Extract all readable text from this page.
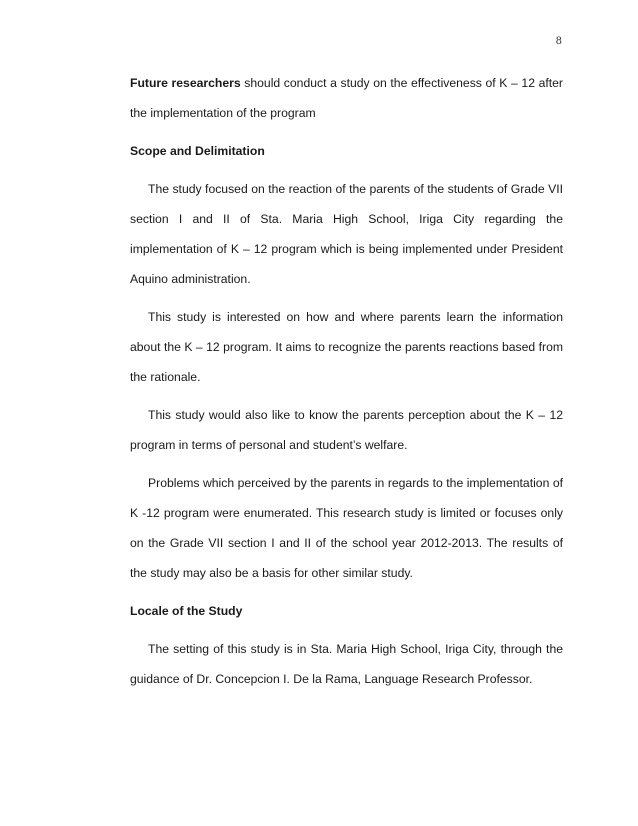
8

Future researchers should conduct a study on the effectiveness of K – 12 after the implementation of the program

Scope and Delimitation

The study focused on the reaction of the parents of the students of Grade VII section I and II of Sta. Maria High School, Iriga City regarding the implementation of K – 12 program which is being implemented under President Aquino administration.

This study is interested on how and where parents learn the information about the K – 12 program. It aims to recognize the parents reactions based from the rationale.

This study would also like to know the parents perception about the K – 12 program in terms of personal and student’s welfare.

Problems which perceived by the parents in regards to the implementation of K -12 program were enumerated. This research study is limited or focuses only on the Grade VII section I and II of the school year 2012-2013. The results of the study may also be a basis for other similar study.

Locale of the Study

The setting of this study is in Sta. Maria High School, Iriga City, through the guidance of Dr. Concepcion I. De la Rama, Language Research Professor.
